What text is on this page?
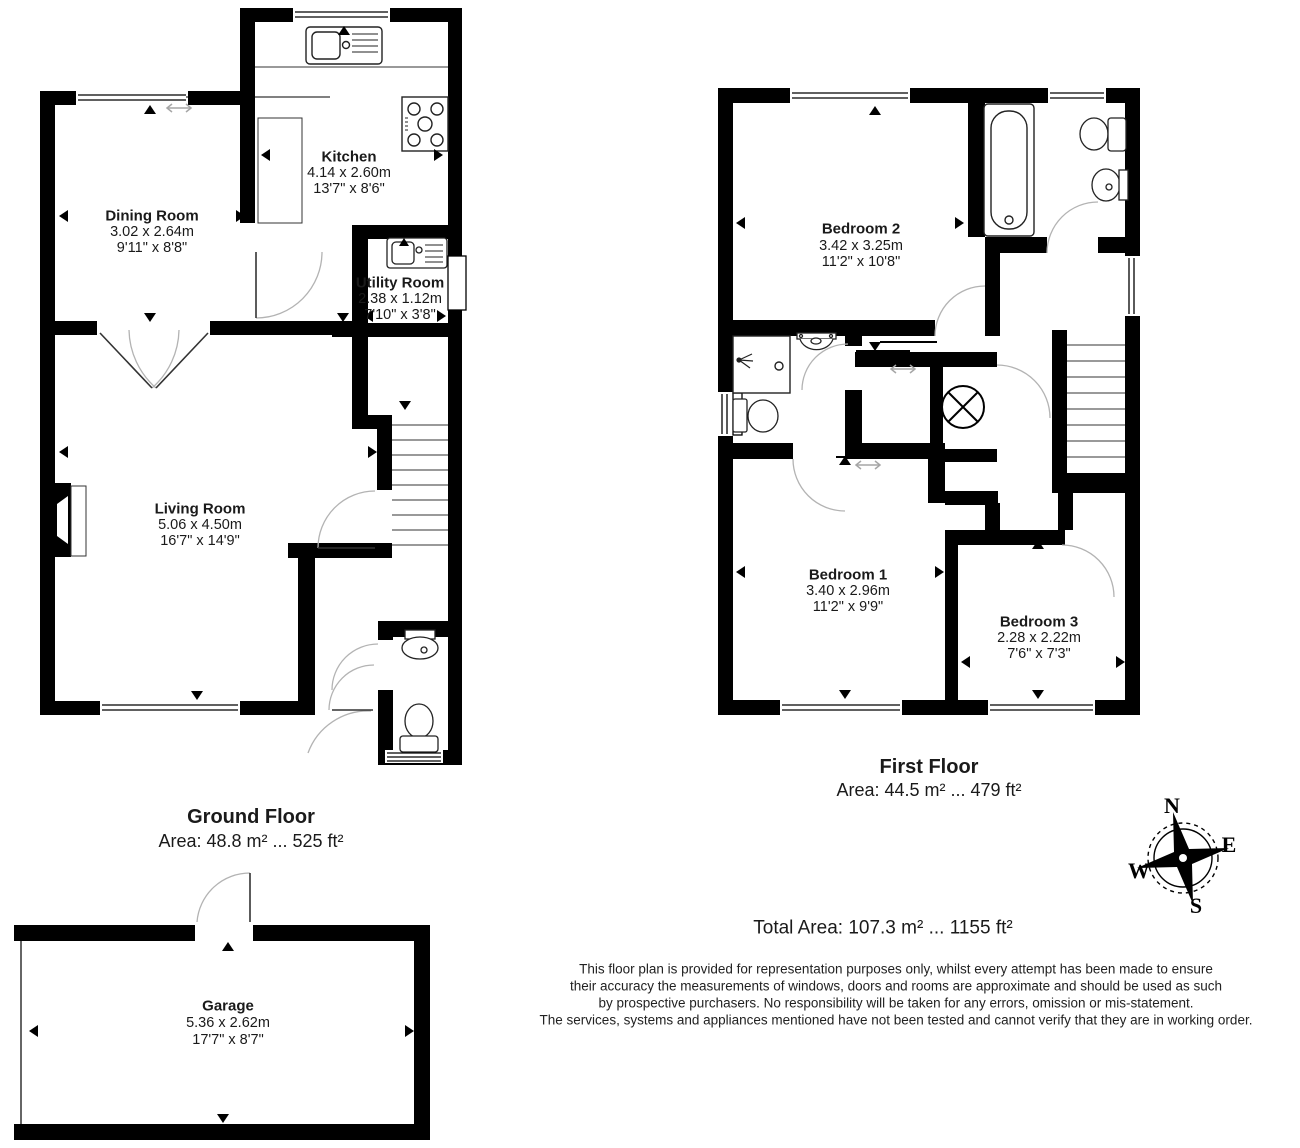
Kitchen
4.14 x 2.60m
13'7" x 8'6"
Dining Room
3.02 x 2.64m
9'11" x 8'8"
Utility Room
2.38 x 1.12m
7'10" x 3'8"
Living Room
5.06 x 4.50m
16'7" x 14'9"
Garage
5.36 x 2.62m
17'7" x 8'7"
Bedroom 2
3.42 x 3.25m
11'2" x 10'8"
Bedroom 1
3.40 x 2.96m
11'2" x 9'9"
Bedroom 3
2.28 x 2.22m
7'6" x 7'3"
Ground Floor
Area: 48.8 m² ... 525 ft²
First Floor
Area: 44.5 m² ... 479 ft²
Total Area: 107.3 m² ... 1155 ft²
This floor plan is provided for representation purposes only, whilst every attempt has been made to ensure
their accuracy the measurements of windows, doors and rooms are approximate and should be used as such
by prospective purchasers. No responsibility will be taken for any errors, omission or mis-statement.
The services, systems and appliances mentioned have not been tested and cannot verify that they are in working order.
N
E
S
W
